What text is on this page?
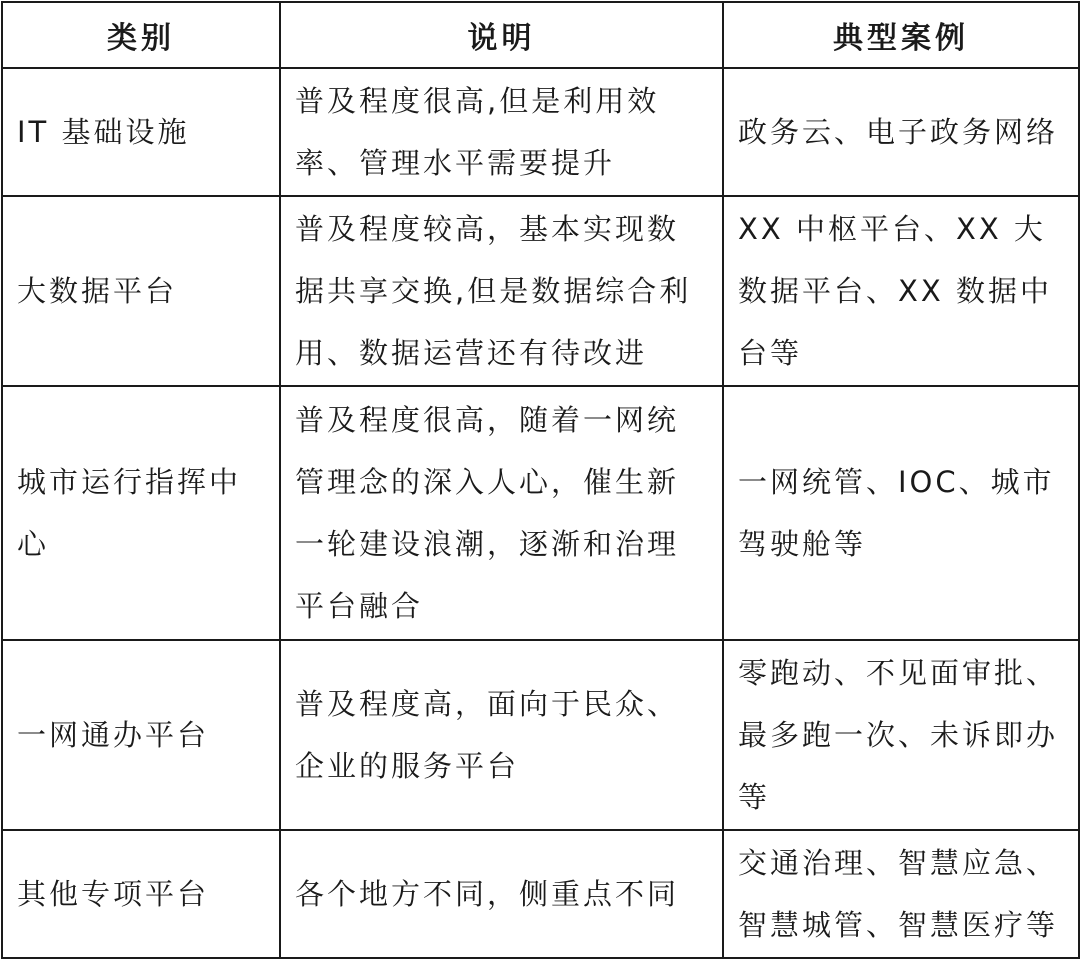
类别	说明	典型案例
IT 基础设施	普及程度很高,但是利用效率、管理水平需要提升	政务云、电子政务网络
大数据平台	普及程度较高，基本实现数据共享交换,但是数据综合利用、数据运营还有待改进	XX 中枢平台、XX 大数据平台、XX 数据中台等
城市运行指挥中心	普及程度很高，随着一网统管理念的深入人心，催生新一轮建设浪潮，逐渐和治理平台融合	一网统管、IOC、城市驾驶舱等
一网通办平台	普及程度高，面向于民众、企业的服务平台	零跑动、不见面审批、最多跑一次、未诉即办等
其他专项平台	各个地方不同，侧重点不同	交通治理、智慧应急、智慧城管、智慧医疗等
